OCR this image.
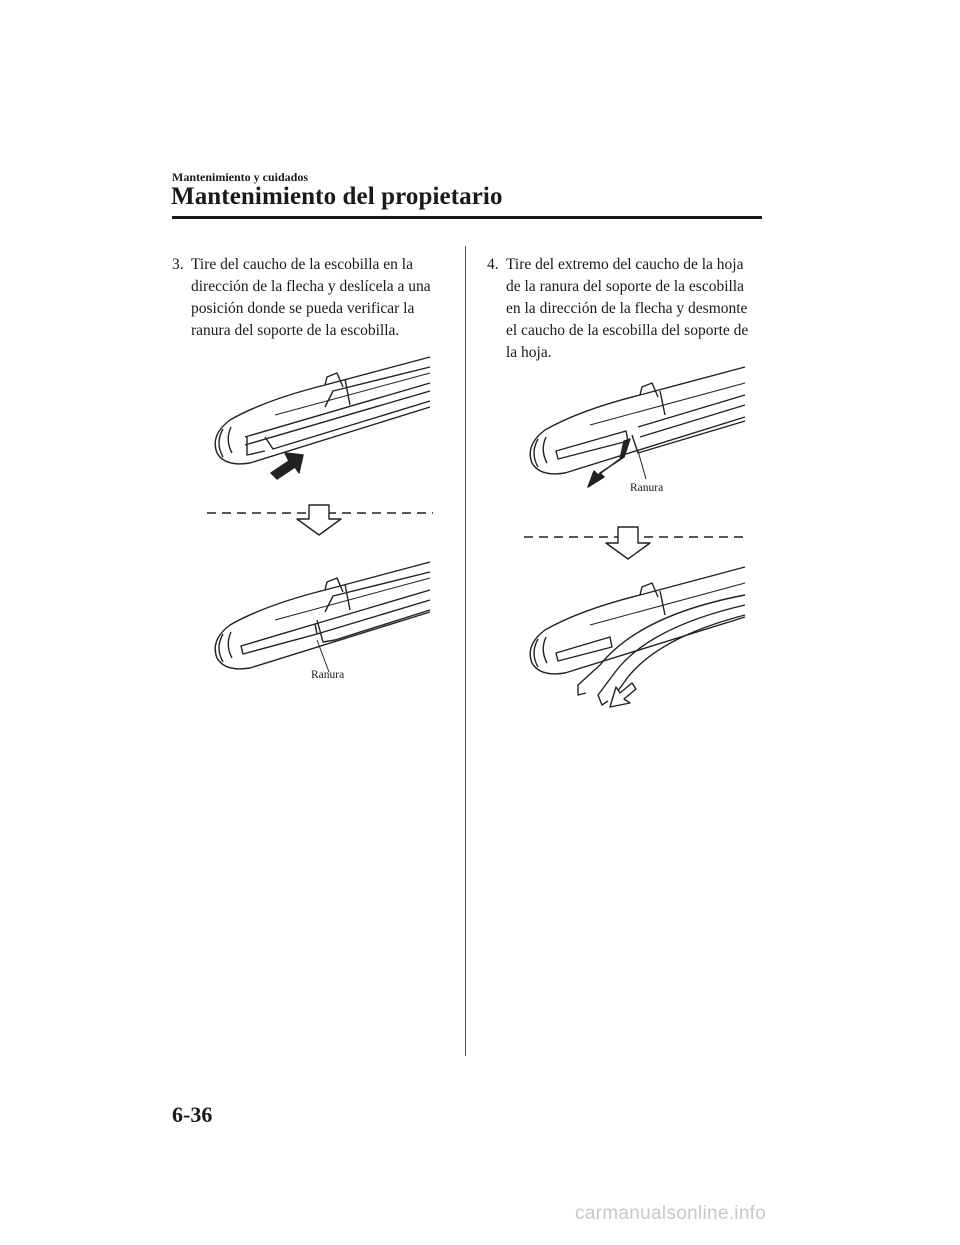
Mantenimiento y cuidados
Mantenimiento del propietario
3. Tire del caucho de la escobilla en la
dirección de la flecha y deslícela a una
posición donde se pueda verificar la
ranura del soporte de la escobilla.
4. Tire del extremo del caucho de la hoja
de la ranura del soporte de la escobilla
en la dirección de la flecha y desmonte
el caucho de la escobilla del soporte de
la hoja.
Ranura
Ranura
6-36
carmanualsonline.info
